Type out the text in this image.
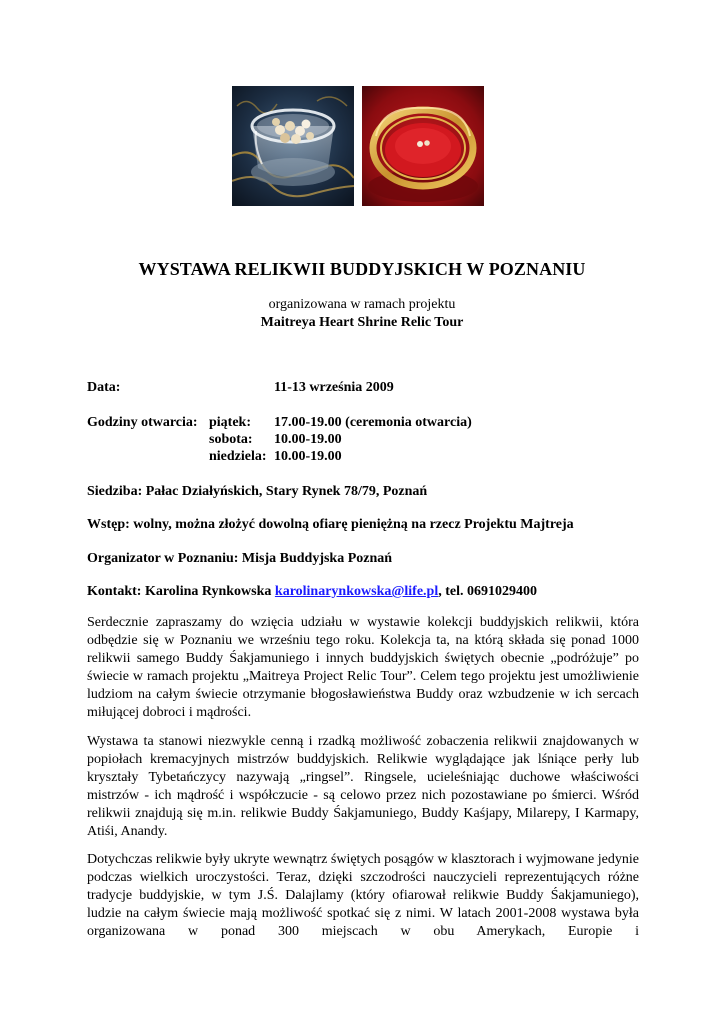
WYSTAWA RELIKWII BUDDYJSKICH W POZNANIU
organizowana w ramach projektu
Maitreya Heart Shrine Relic Tour
Data:	11-13 września 2009
Godziny otwarcia: piątek: 17.00-19.00 (ceremonia otwarcia)
sobota: 10.00-19.00
niedziela: 10.00-19.00
Siedziba: Pałac Działyńskich, Stary Rynek 78/79, Poznań
Wstęp: wolny, można złożyć dowolną ofiarę pieniężną na rzecz Projektu Majtreja
Organizator w Poznaniu: Misja Buddyjska Poznań
Kontakt: Karolina Rynkowska karolinarynkowska@life.pl, tel. 0691029400
Serdecznie zapraszamy do wzięcia udziału w wystawie kolekcji buddyjskich relikwii, która odbędzie się w Poznaniu we wrześniu tego roku. Kolekcja ta, na którą składa się ponad 1000 relikwii samego Buddy Śakjamuniego i innych buddyjskich świętych obecnie „podróżuje” po świecie w ramach projektu „Maitreya Project Relic Tour”. Celem tego projektu jest umożliwienie ludziom na całym świecie otrzymanie błogosławieństwa Buddy oraz wzbudzenie w ich sercach miłującej dobroci i mądrości.
Wystawa ta stanowi niezwykle cenną i rzadką możliwość zobaczenia relikwii znajdowanych w popiołach kremacyjnych mistrzów buddyjskich. Relikwie wyglądające jak lśniące perły lub kryształy Tybetańczycy nazywają „ringsel”. Ringsele, ucieleśniając duchowe właściwości mistrzów - ich mądrość i współczucie - są celowo przez nich pozostawiane po śmierci. Wśród relikwii znajdują się m.in. relikwie Buddy Śakjamuniego, Buddy Kaśjapy, Milarepy, I Karmapy, Atiśi, Anandy.
Dotychczas relikwie były ukryte wewnątrz świętych posągów w klasztorach i wyjmowane jedynie podczas wielkich uroczystości. Teraz, dzięki szczodrości nauczycieli reprezentujących różne tradycje buddyjskie, w tym J.Ś. Dalajlamy (który ofiarował relikwie Buddy Śakjamuniego), ludzie na całym świecie mają możliwość spotkać się z nimi. W latach 2001-2008 wystawa była organizowana w ponad 300 miejscach w obu Amerykach, Europie i
